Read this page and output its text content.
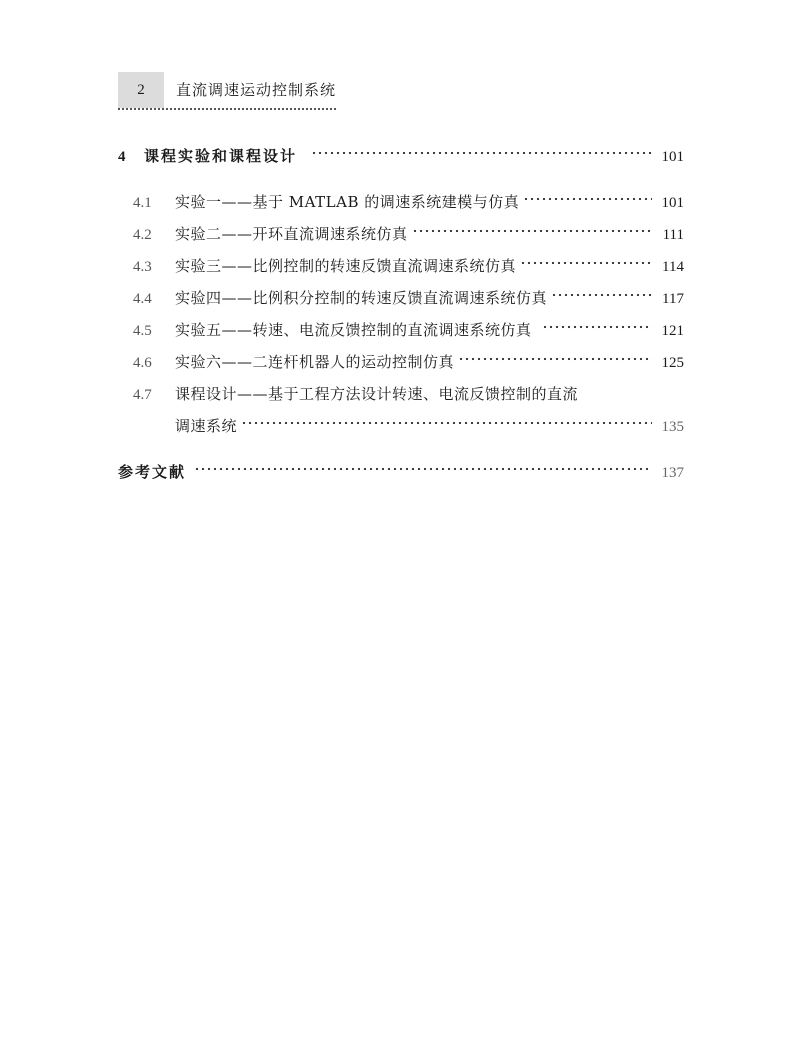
2	直流调速运动控制系统
4	课程实验和课程设计	101
4.1	实验一——基于 MATLAB 的调速系统建模与仿真	101
4.2	实验二——开环直流调速系统仿真	111
4.3	实验三——比例控制的转速反馈直流调速系统仿真	114
4.4	实验四——比例积分控制的转速反馈直流调速系统仿真	117
4.5	实验五——转速、电流反馈控制的直流调速系统仿真	121
4.6	实验六——二连杆机器人的运动控制仿真	125
4.7	课程设计——基于工程方法设计转速、电流反馈控制的直流
调速系统	135
参考文献	137
